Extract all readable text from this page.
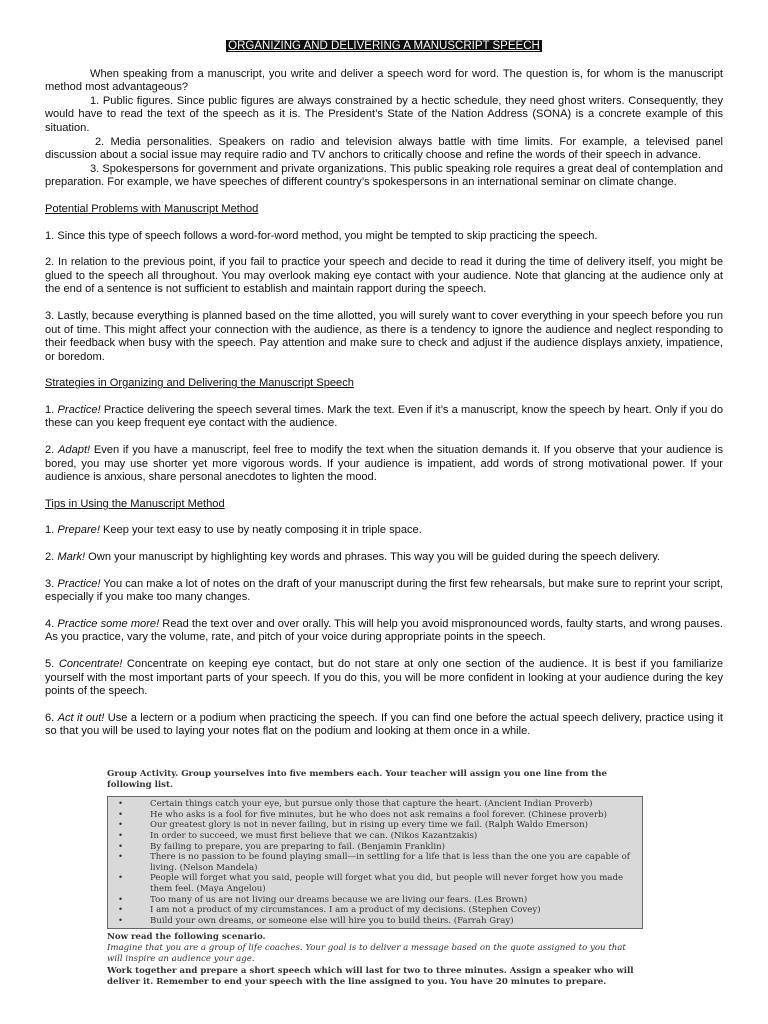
ORGANIZING AND DELIVERING A MANUSCRIPT SPEECH

When speaking from a manuscript, you write and deliver a speech word for word. The question is, for whom is the manuscript method most advantageous?

1. Public figures. Since public figures are always constrained by a hectic schedule, they need ghost writers. Consequently, they would have to read the text of the speech as it is. The President’s State of the Nation Address (SONA) is a concrete example of this situation.

2. Media personalities. Speakers on radio and television always battle with time limits. For example, a televised panel discussion about a social issue may require radio and TV anchors to critically choose and refine the words of their speech in advance.

3. Spokespersons for government and private organizations. This public speaking role requires a great deal of contemplation and preparation. For example, we have speeches of different country’s spokespersons in an international seminar on climate change.

Potential Problems with Manuscript Method

1. Since this type of speech follows a word-for-word method, you might be tempted to skip practicing the speech.

2. In relation to the previous point, if you fail to practice your speech and decide to read it during the time of delivery itself, you might be glued to the speech all throughout. You may overlook making eye contact with your audience. Note that glancing at the audience only at the end of a sentence is not sufficient to establish and maintain rapport during the speech.

3. Lastly, because everything is planned based on the time allotted, you will surely want to cover everything in your speech before you run out of time. This might affect your connection with the audience, as there is a tendency to ignore the audience and neglect responding to their feedback when busy with the speech. Pay attention and make sure to check and adjust if the audience displays anxiety, impatience, or boredom.

Strategies in Organizing and Delivering the Manuscript Speech

1. Practice! Practice delivering the speech several times. Mark the text. Even if it’s a manuscript, know the speech by heart. Only if you do these can you keep frequent eye contact with the audience.

2. Adapt! Even if you have a manuscript, feel free to modify the text when the situation demands it. If you observe that your audience is bored, you may use shorter yet more vigorous words. If your audience is impatient, add words of strong motivational power. If your audience is anxious, share personal anecdotes to lighten the mood.

Tips in Using the Manuscript Method

1. Prepare! Keep your text easy to use by neatly composing it in triple space.

2. Mark! Own your manuscript by highlighting key words and phrases. This way you will be guided during the speech delivery.

3. Practice! You can make a lot of notes on the draft of your manuscript during the first few rehearsals, but make sure to reprint your script, especially if you make too many changes.

4. Practice some more! Read the text over and over orally. This will help you avoid mispronounced words, faulty starts, and wrong pauses. As you practice, vary the volume, rate, and pitch of your voice during appropriate points in the speech.

5. Concentrate! Concentrate on keeping eye contact, but do not stare at only one section of the audience. It is best if you familiarize yourself with the most important parts of your speech. If you do this, you will be more confident in looking at your audience during the key points of the speech.

6. Act it out! Use a lectern or a podium when practicing the speech. If you can find one before the actual speech delivery, practice using it so that you will be used to laying your notes flat on the podium and looking at them once in a while.

Group Activity. Group yourselves into five members each. Your teacher will assign you one line from the following list.
•	Certain things catch your eye, but pursue only those that capture the heart. (Ancient Indian Proverb)
•	He who asks is a fool for five minutes, but he who does not ask remains a fool forever. (Chinese proverb)
•	Our greatest glory is not in never failing, but in rising up every time we fail. (Ralph Waldo Emerson)
•	In order to succeed, we must first believe that we can. (Nikos Kazantzakis)
•	By failing to prepare, you are preparing to fail. (Benjamin Franklin)
•	There is no passion to be found playing small—in settling for a life that is less than the one you are capable of living. (Nelson Mandela)
•	People will forget what you said, people will forget what you did, but people will never forget how you made them feel. (Maya Angelou)
•	Too many of us are not living our dreams because we are living our fears. (Les Brown)
•	I am not a product of my circumstances. I am a product of my decisions. (Stephen Covey)
•	Build your own dreams, or someone else will hire you to build theirs. (Farrah Gray)
Now read the following scenario.
Imagine that you are a group of life coaches. Your goal is to deliver a message based on the quote assigned to you that will inspire an audience your age.
Work together and prepare a short speech which will last for two to three minutes. Assign a speaker who will deliver it. Remember to end your speech with the line assigned to you. You have 20 minutes to prepare.
